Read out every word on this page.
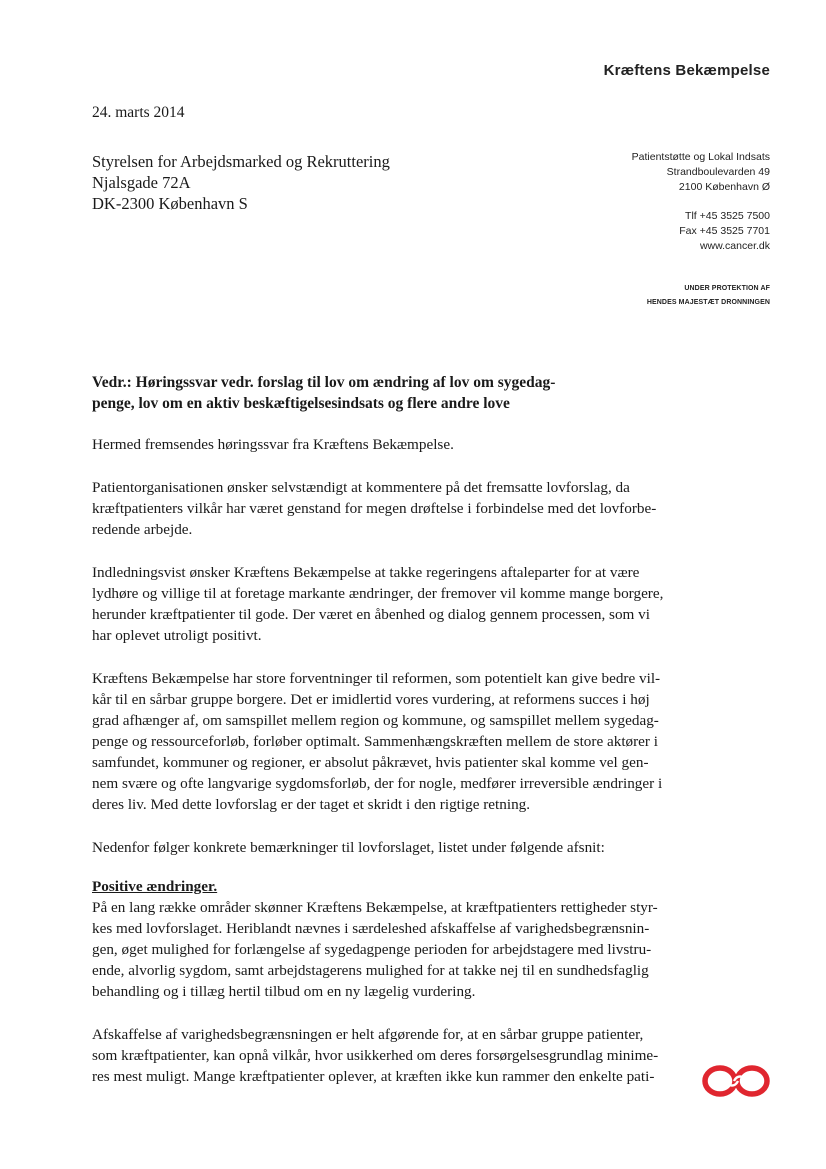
Kræftens Bekæmpelse
24. marts 2014
Styrelsen for Arbejdsmarked og Rekruttering
Njalsgade 72A
DK-2300 København S
Patientstøtte og Lokal Indsats
Strandboulevarden 49
2100 København Ø
Tlf +45 3525 7500
Fax +45 3525 7701
www.cancer.dk
UNDER PROTEKTION AF
HENDES MAJESTÆT DRONNINGEN
Vedr.: Høringssvar vedr. forslag til lov om ændring af lov om sygedag-
penge, lov om en aktiv beskæftigelsesindsats og flere andre love
Hermed fremsendes høringssvar fra Kræftens Bekæmpelse.
Patientorganisationen ønsker selvstændigt at kommentere på det fremsatte lovforslag, da
kræftpatienters vilkår har været genstand for megen drøftelse i forbindelse med det lovforbe-
redende arbejde.
Indledningsvist ønsker Kræftens Bekæmpelse at takke regeringens aftaleparter for at være
lydhøre og villige til at foretage markante ændringer, der fremover vil komme mange borgere,
herunder kræftpatienter til gode. Der været en åbenhed og dialog gennem processen, som vi
har oplevet utroligt positivt.
Kræftens Bekæmpelse har store forventninger til reformen, som potentielt kan give bedre vil-
kår til en sårbar gruppe borgere. Det er imidlertid vores vurdering, at reformens succes i høj
grad afhænger af, om samspillet mellem region og kommune, og samspillet mellem sygedag-
penge og ressourceforløb, forløber optimalt. Sammenhængskræften mellem de store aktører i
samfundet, kommuner og regioner, er absolut påkrævet, hvis patienter skal komme vel gen-
nem svære og ofte langvarige sygdomsforløb, der for nogle, medfører irreversible ændringer i
deres liv. Med dette lovforslag er der taget et skridt i den rigtige retning.
Nedenfor følger konkrete bemærkninger til lovforslaget, listet under følgende afsnit:
Positive ændringer.
På en lang række områder skønner Kræftens Bekæmpelse, at kræftpatienters rettigheder styr-
kes med lovforslaget. Heriblandt nævnes i særdeleshed afskaffelse af varighedsbegrænsnin-
gen, øget mulighed for forlængelse af sygedagpenge perioden for arbejdstagere med livstru-
ende, alvorlig sygdom, samt arbejdstagerens mulighed for at takke nej til en sundhedsfaglig
behandling og i tillæg hertil tilbud om en ny lægelig vurdering.
Afskaffelse af varighedsbegrænsningen er helt afgørende for, at en sårbar gruppe patienter,
som kræftpatienter, kan opnå vilkår, hvor usikkerhed om deres forsørgelsesgrundlag minime-
res mest muligt. Mange kræftpatienter oplever, at kræften ikke kun rammer den enkelte pati-
